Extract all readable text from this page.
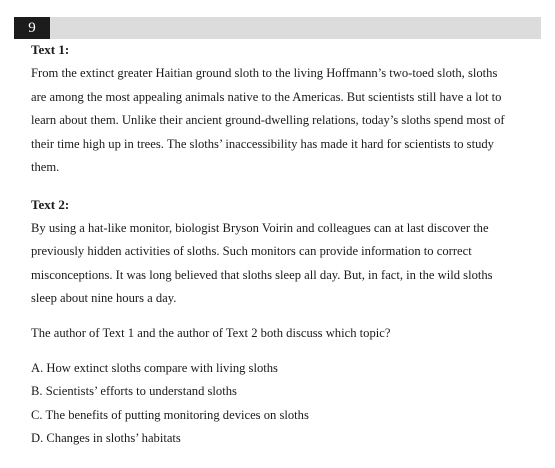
9

Text 1:

From the extinct greater Haitian ground sloth to the living Hoffmann’s two-toed sloth, sloths
are among the most appealing animals native to the Americas. But scientists still have a lot to
learn about them. Unlike their ancient ground-dwelling relations, today’s sloths spend most of
their time high up in trees. The sloths’ inaccessibility has made it hard for scientists to study
them.

Text 2:

By using a hat-like monitor, biologist Bryson Voirin and colleagues can at last discover the
previously hidden activities of sloths. Such monitors can provide information to correct
misconceptions. It was long believed that sloths sleep all day. But, in fact, in the wild sloths
sleep about nine hours a day.

The author of Text 1 and the author of Text 2 both discuss which topic?

A. How extinct sloths compare with living sloths
B. Scientists’ efforts to understand sloths
C. The benefits of putting monitoring devices on sloths
D. Changes in sloths’ habitats
